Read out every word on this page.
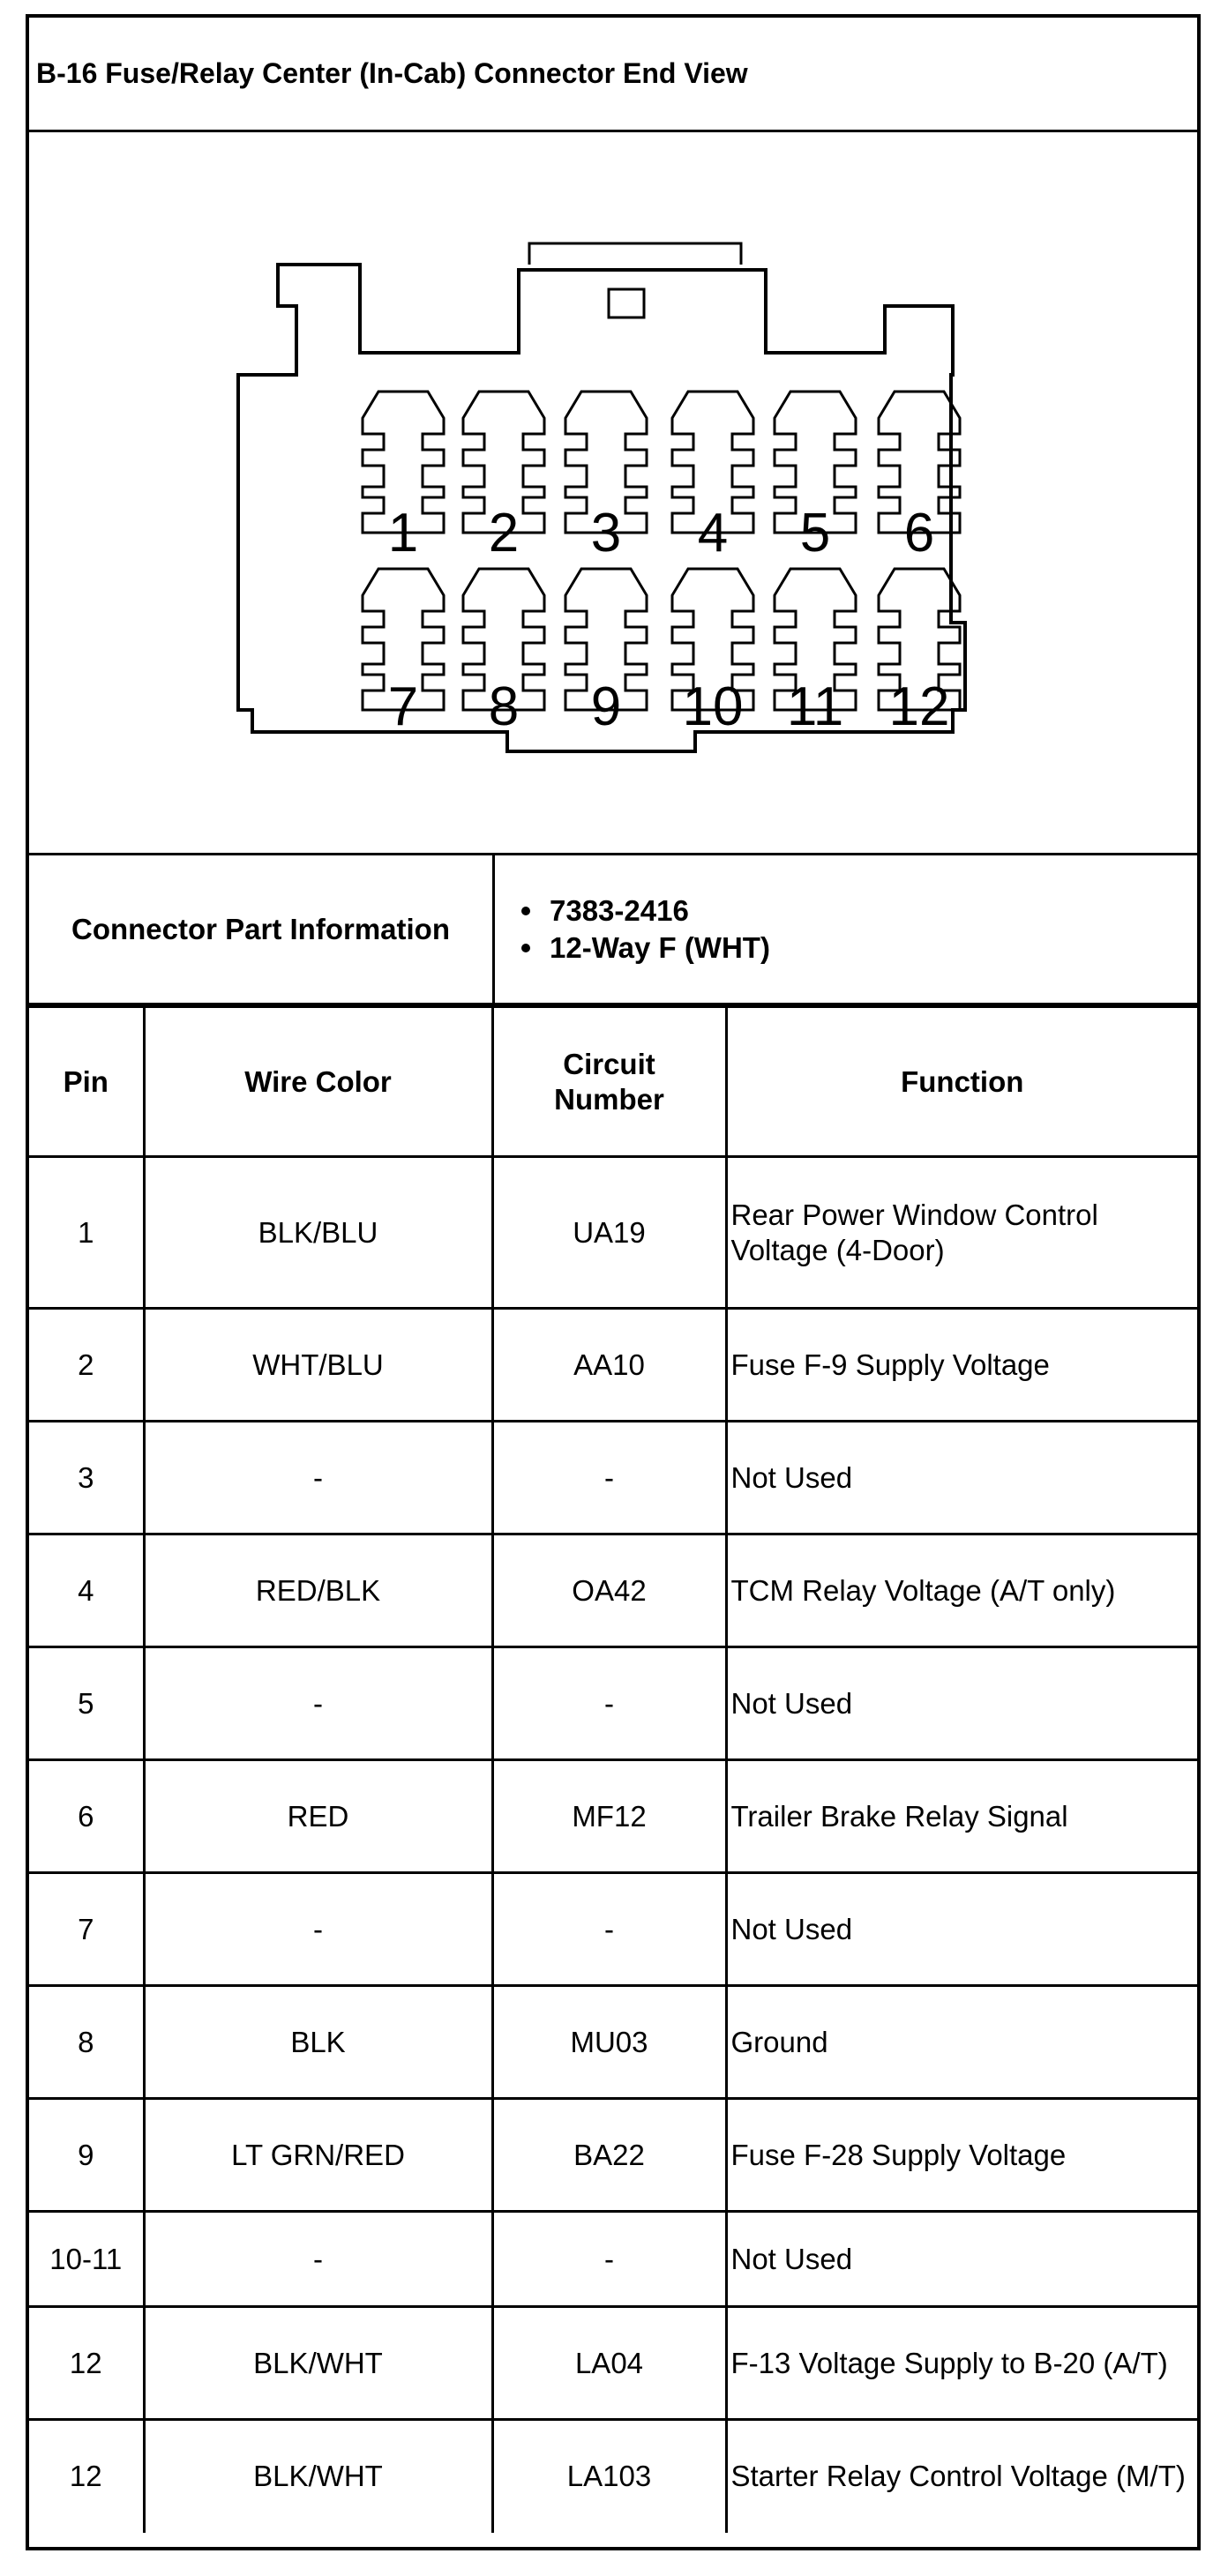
B-16 Fuse/Relay Center (In-Cab) Connector End View
1 2 3 4 5 6
7 8 9 10 11 12
Connector Part Information
7383-2416
12-Way F (WHT)
Pin	Wire Color	Circuit Number	Function
1	BLK/BLU	UA19	Rear Power Window Control Voltage (4-Door)
2	WHT/BLU	AA10	Fuse F-9 Supply Voltage
3	-	-	Not Used
4	RED/BLK	OA42	TCM Relay Voltage (A/T only)
5	-	-	Not Used
6	RED	MF12	Trailer Brake Relay Signal
7	-	-	Not Used
8	BLK	MU03	Ground
9	LT GRN/RED	BA22	Fuse F-28 Supply Voltage
10-11	-	-	Not Used
12	BLK/WHT	LA04	F-13 Voltage Supply to B-20 (A/T)
12	BLK/WHT	LA103	Starter Relay Control Voltage (M/T)
